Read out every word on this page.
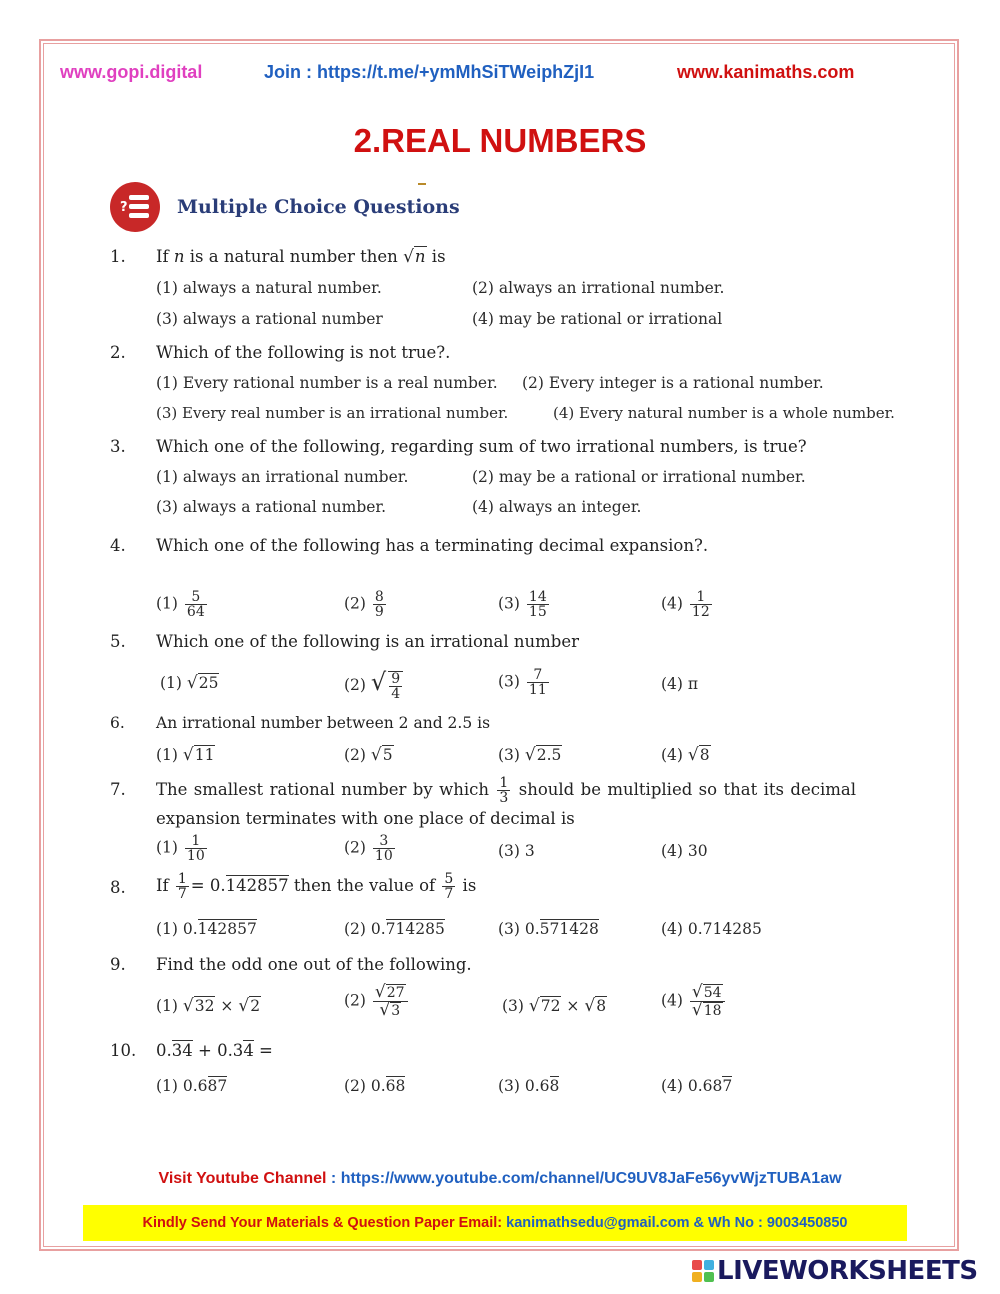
www.gopi.digital	Join : https://t.me/+ymMhSiTWeiphZjI1	www.kanimaths.com
2.REAL NUMBERS
?	Multiple Choice Questions
1.	If n is a natural number then √n is
(1) always a natural number.	(2) always an irrational number.
(3) always a rational number	(4) may be rational or irrational
2.	Which of the following is not true?.
(1) Every rational number is a real number. (2) Every integer is a rational number.
(3) Every real number is an irrational number.	(4) Every natural number is a whole number.
3.	Which one of the following, regarding sum of two irrational numbers, is true?
(1) always an irrational number.	(2) may be a rational or irrational number.
(3) always a rational number.	(4) always an integer.
4.	Which one of the following has a terminating decimal expansion?.
$(1) \frac{5}{64}$	$(2) \frac{8}{9}$	$(3) \frac{14}{15}$	$(4) \frac{1}{12}$
5.	Which one of the following is an irrational number
(1) √25	(2) √ $\frac{9}{4}$	$(3) \frac{7}{11}$	(4) π
6.	An irrational number between 2 and 2.5 is
(1) √11	(2) √5	(3) √2.5	(4) √8
7.	The smallest rational number by which $\frac{1}{3}$ should be multiplied so that its decimal expansion terminates with one place of decimal is
$(1) \frac{1}{10}$	$(2) \frac{3}{10}$	(3) 3	(4) 30
8.	If $\frac{1}{7} = 0.142857$ then the value of $\frac{5}{7}$ is
(1) 0.142857	(2) 0.714285	(3) 0.571428	(4) 0.714285
9.	Find the odd one out of the following.
(1) √32 × √2	$(2) \frac{√27}{√3}$	(3) √72 × √8	$(4) \frac{√54}{√18}$
10.	0.34 + 0.34 =
(1) 0.687	(2) 0.68	(3) 0.68	(4) 0.687
Visit Youtube Channel : https://www.youtube.com/channel/UC9UV8JaFe56yvWjzTUBA1aw
Kindly Send Your Materials & Question Paper Email: kanimathsedu@gmail.com & Wh No : 9003450850
LIVEWORKSHEETS
